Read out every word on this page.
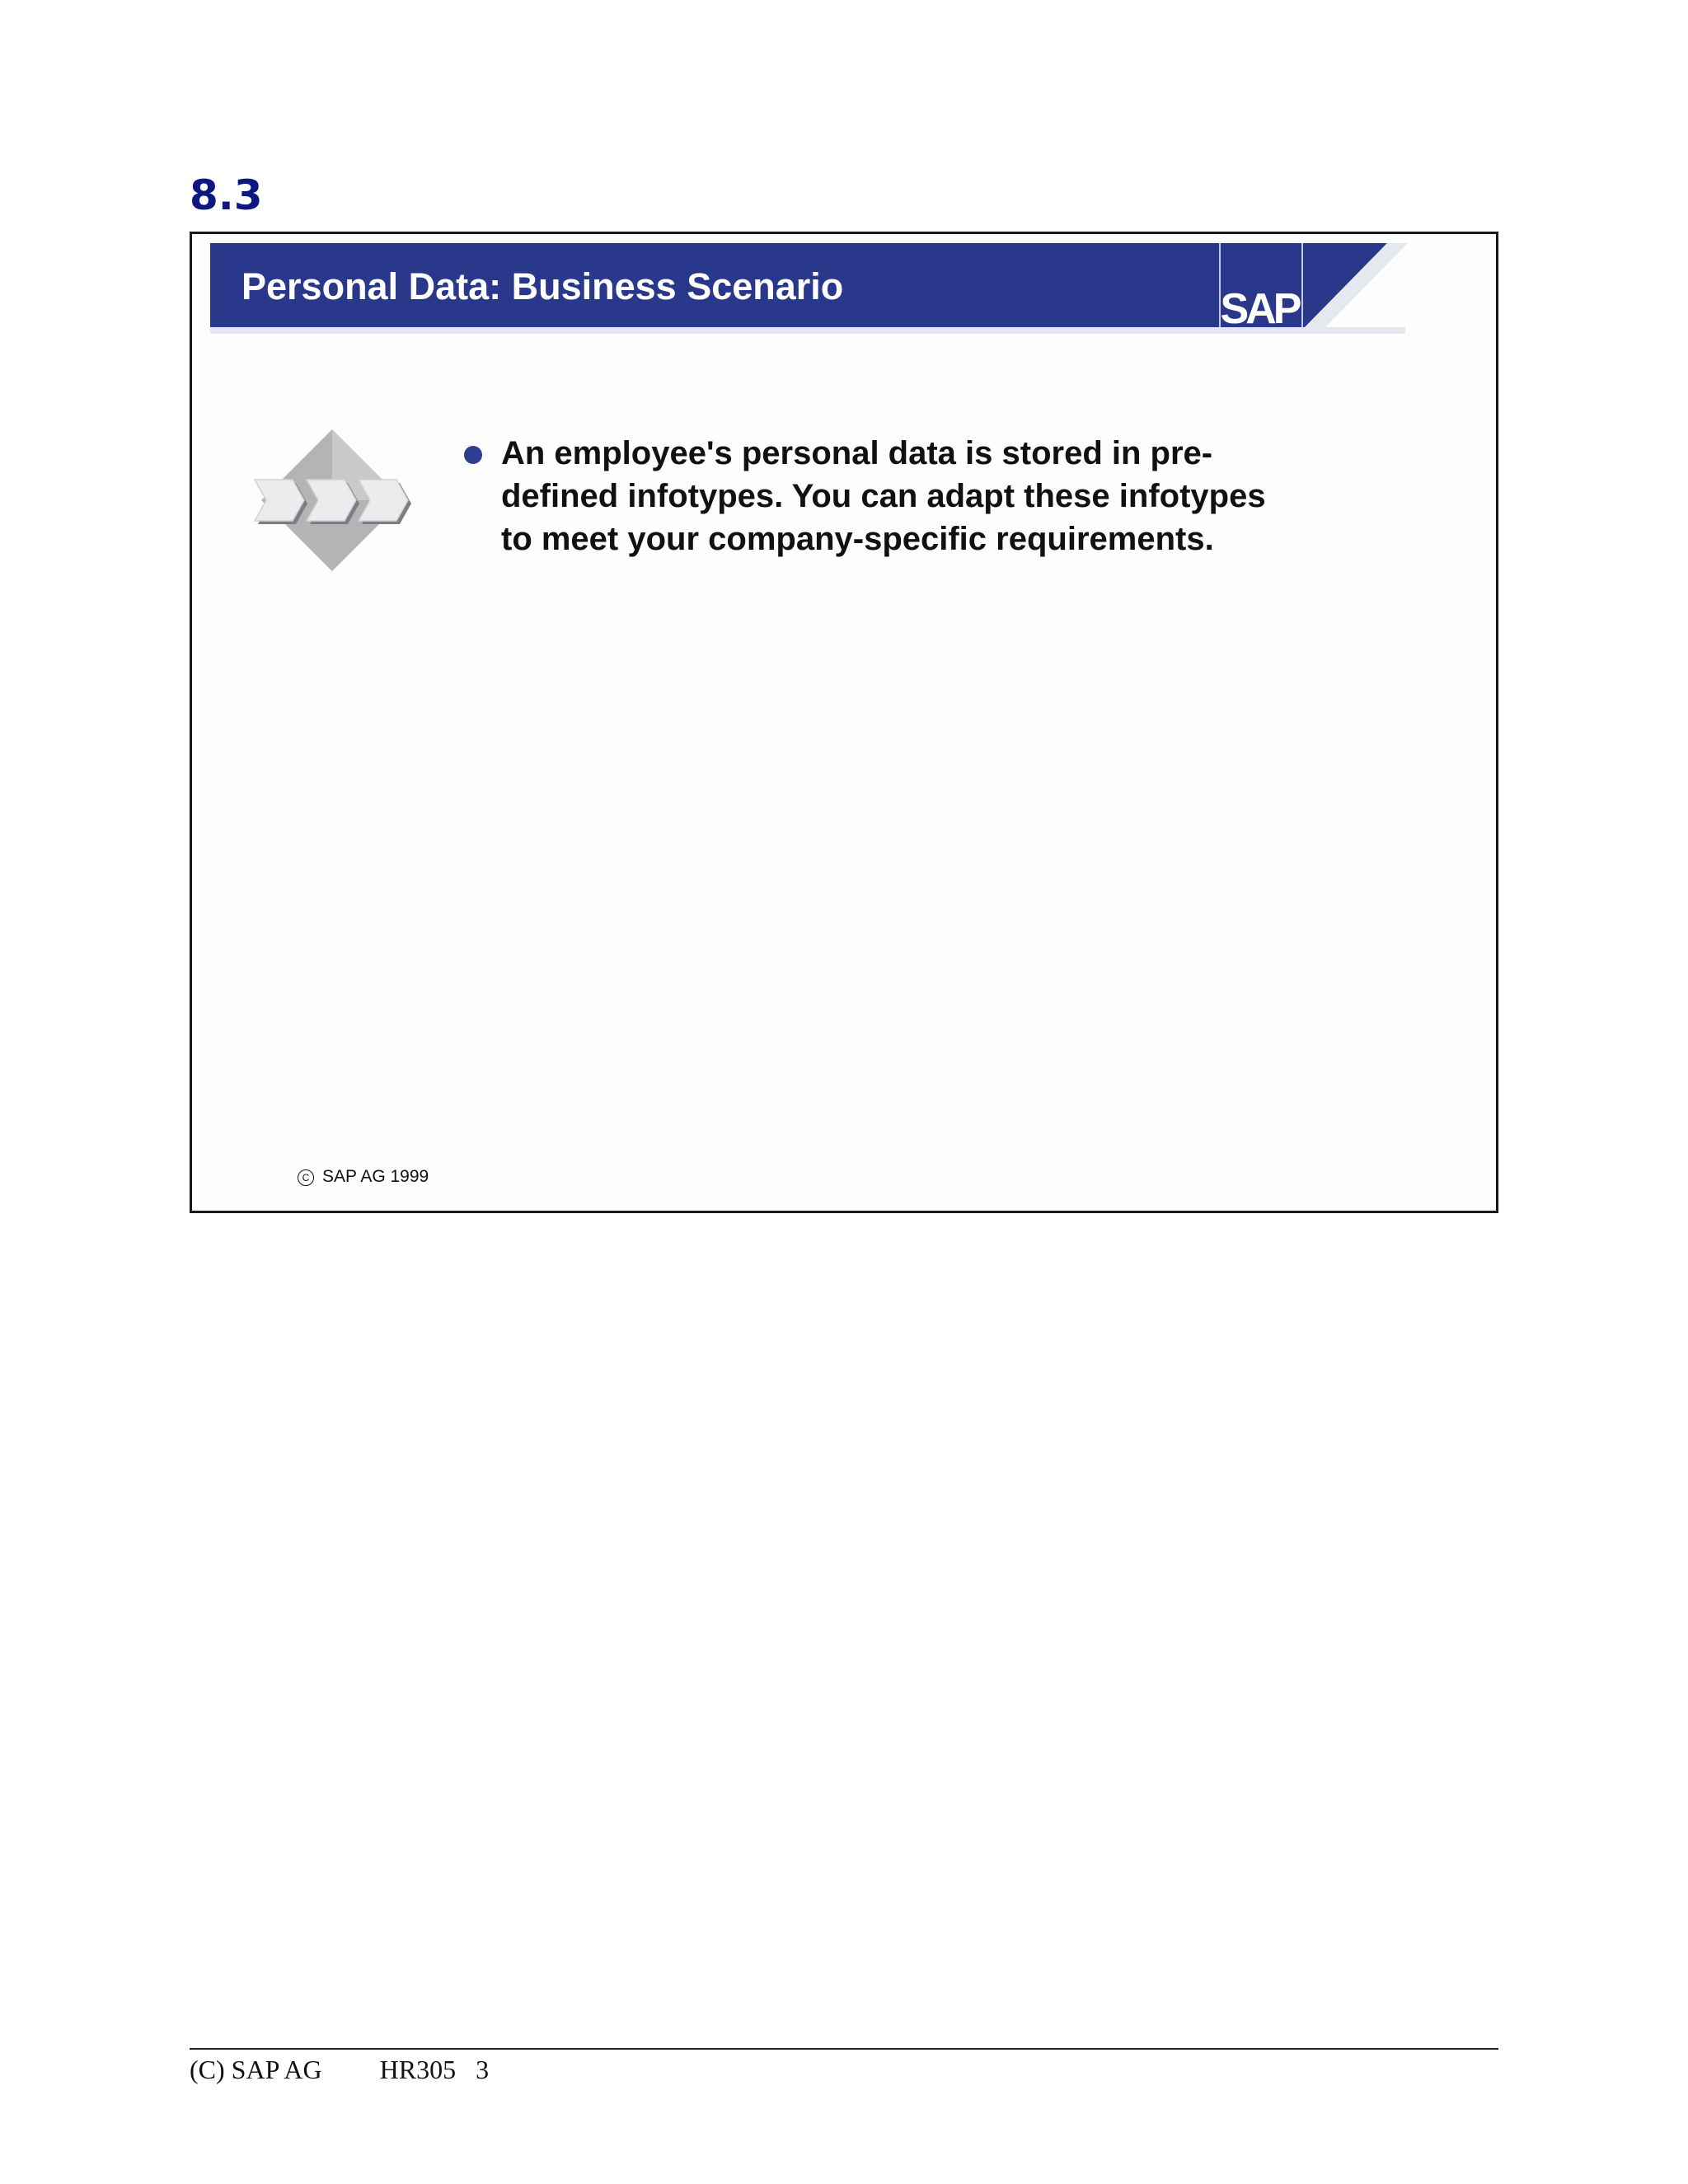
8.3
Personal Data: Business Scenario	SAP
An employee's personal data is stored in pre-defined infotypes. You can adapt these infotypes to meet your company-specific requirements.
C SAP AG 1999
(C) SAP AG HR305 3
